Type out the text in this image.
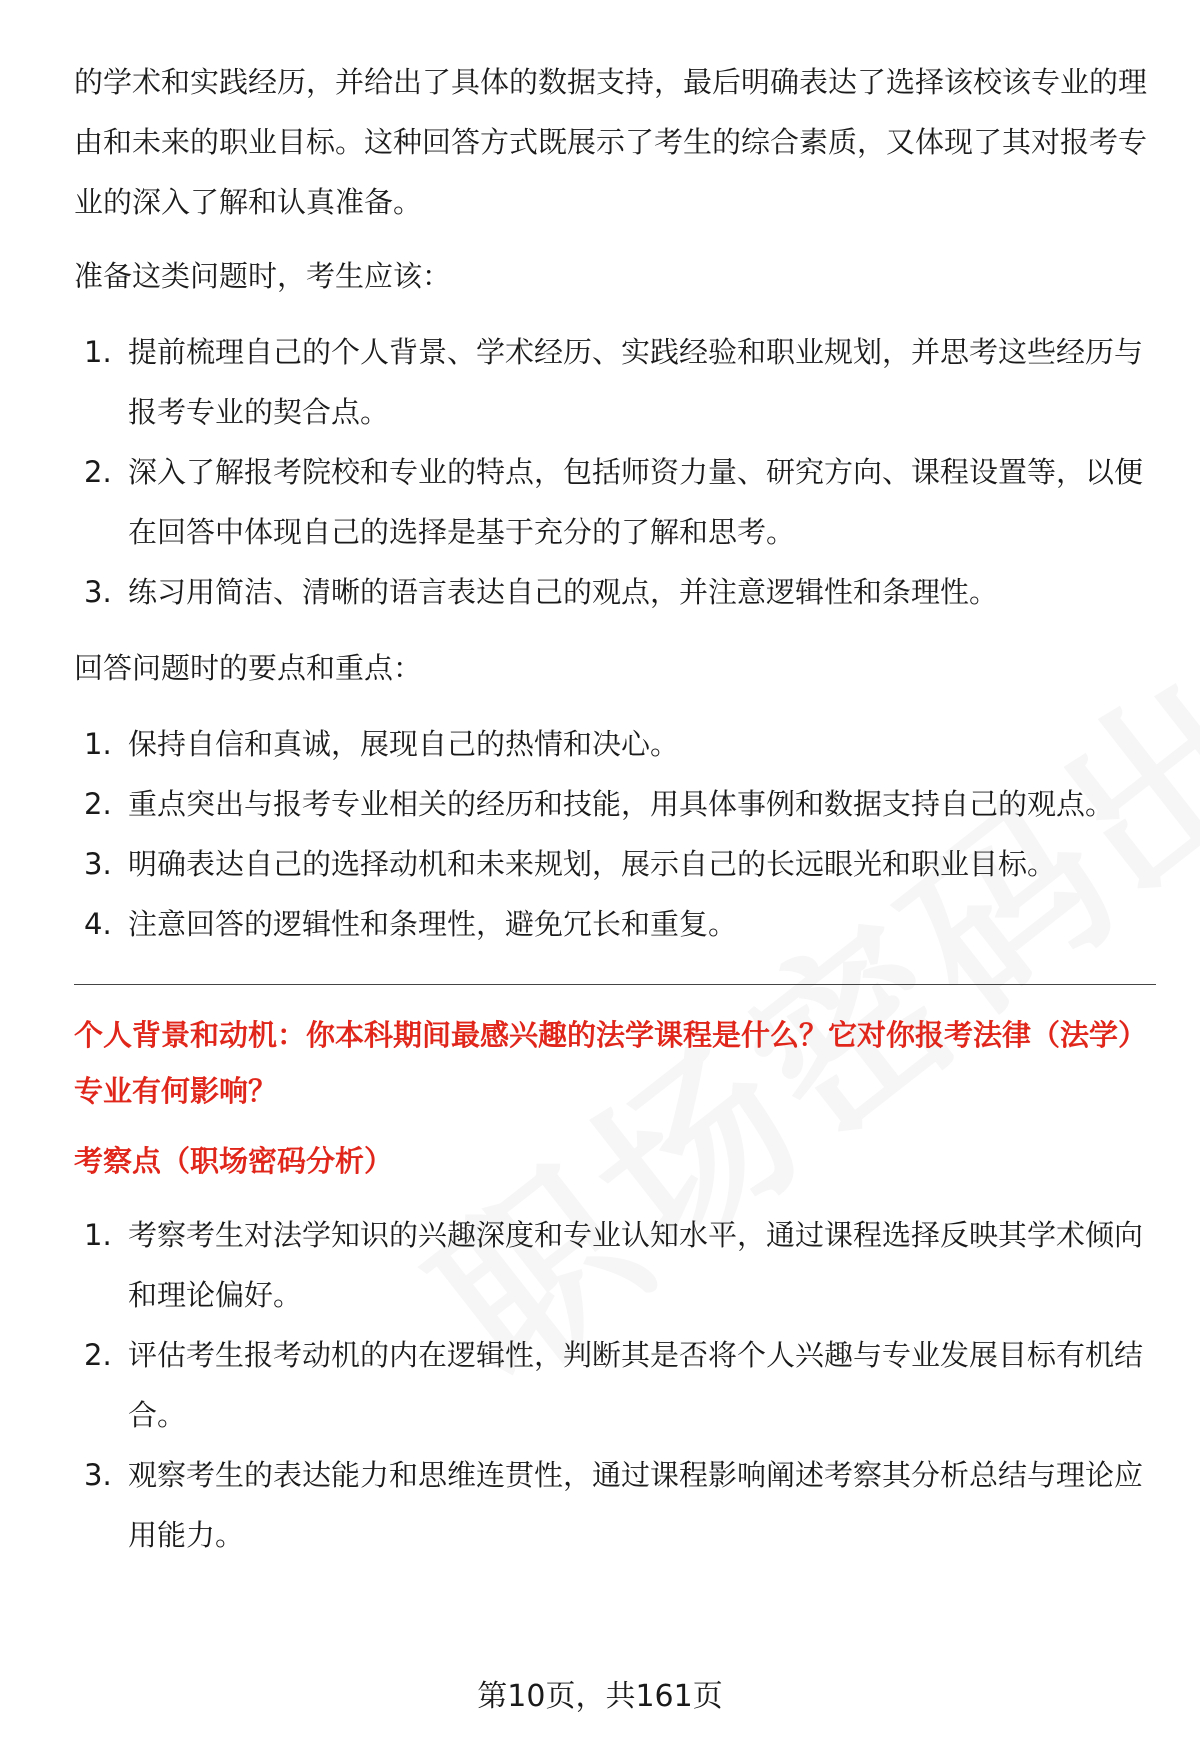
的学术和实践经历，并给出了具体的数据支持，最后明确表达了选择该校该专业的理由和未来的职业目标。这种回答方式既展示了考生的综合素质，又体现了其对报考专业的深入了解和认真准备。

准备这类问题时，考生应该：

1. 提前梳理自己的个人背景、学术经历、实践经验和职业规划，并思考这些经历与报考专业的契合点。
2. 深入了解报考院校和专业的特点，包括师资力量、研究方向、课程设置等，以便在回答中体现自己的选择是基于充分的了解和思考。
3. 练习用简洁、清晰的语言表达自己的观点，并注意逻辑性和条理性。

回答问题时的要点和重点：

1. 保持自信和真诚，展现自己的热情和决心。
2. 重点突出与报考专业相关的经历和技能，用具体事例和数据支持自己的观点。
3. 明确表达自己的选择动机和未来规划，展示自己的长远眼光和职业目标。
4. 注意回答的逻辑性和条理性，避免冗长和重复。

个人背景和动机：你本科期间最感兴趣的法学课程是什么？它对你报考法律（法学）专业有何影响？

考察点（职场密码分析）

1. 考察考生对法学知识的兴趣深度和专业认知水平，通过课程选择反映其学术倾向和理论偏好。
2. 评估考生报考动机的内在逻辑性，判断其是否将个人兴趣与专业发展目标有机结合。
3. 观察考生的表达能力和思维连贯性，通过课程影响阐述考察其分析总结与理论应用能力。
第10页，共161页
